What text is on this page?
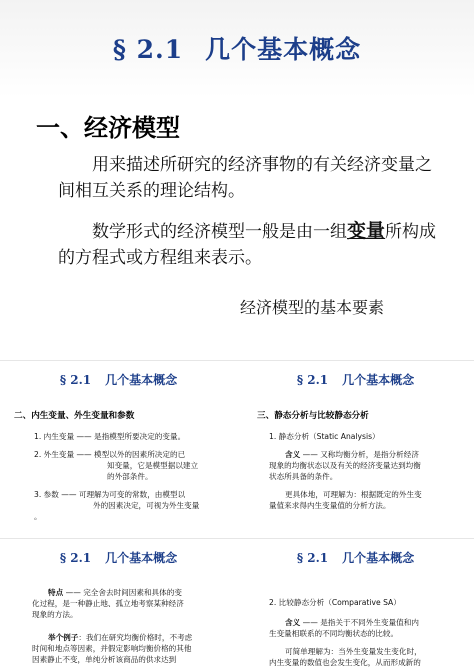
§ 2.1 几个基本概念
一、经济模型
用来描述所研究的经济事物的有关经济变量之间相互关系的理论结构。
数学形式的经济模型一般是由一组变量所构成的方程式或方程组来表示。
经济模型的基本要素
§ 2.1 几个基本概念
二、内生变量、外生变量和参数
1. 内生变量 —— 是指模型所要决定的变量。
2. 外生变量 —— 模型以外的因素所决定的已
知变量，它是模型据以建立
的外部条件。
3. 参数 —— 可理解为可变的常数，由模型以
外的因素决定，可视为外生变量
。
§ 2.1 几个基本概念
三、静态分析与比较静态分析
1. 静态分析（Static Analysis）
含义 —— 又称均衡分析，是指分析经济
现象的均衡状态以及有关的经济变量达到均衡
状态所具备的条件。
更具体地，可理解为：根据既定的外生变
量值来求得内生变量值的分析方法。
§ 2.1 几个基本概念
特点 —— 完全舍去时间因素和具体的变
化过程，是一种静止地、孤立地考察某种经济
现象的方法。
举个例子：我们在研究均衡价格时，不考虑
时间和地点等因素，并假定影响均衡价格的其他
因素静止不变，单纯分析该商品的供求达到
§ 2.1 几个基本概念
2. 比较静态分析（Comparative SA）
含义 —— 是指关于不同外生变量值和内
生变量相联系的不同均衡状态的比较。
可简单理解为：当外生变量发生变化时，
内生变量的数值也会发生变化，从而形成新的
